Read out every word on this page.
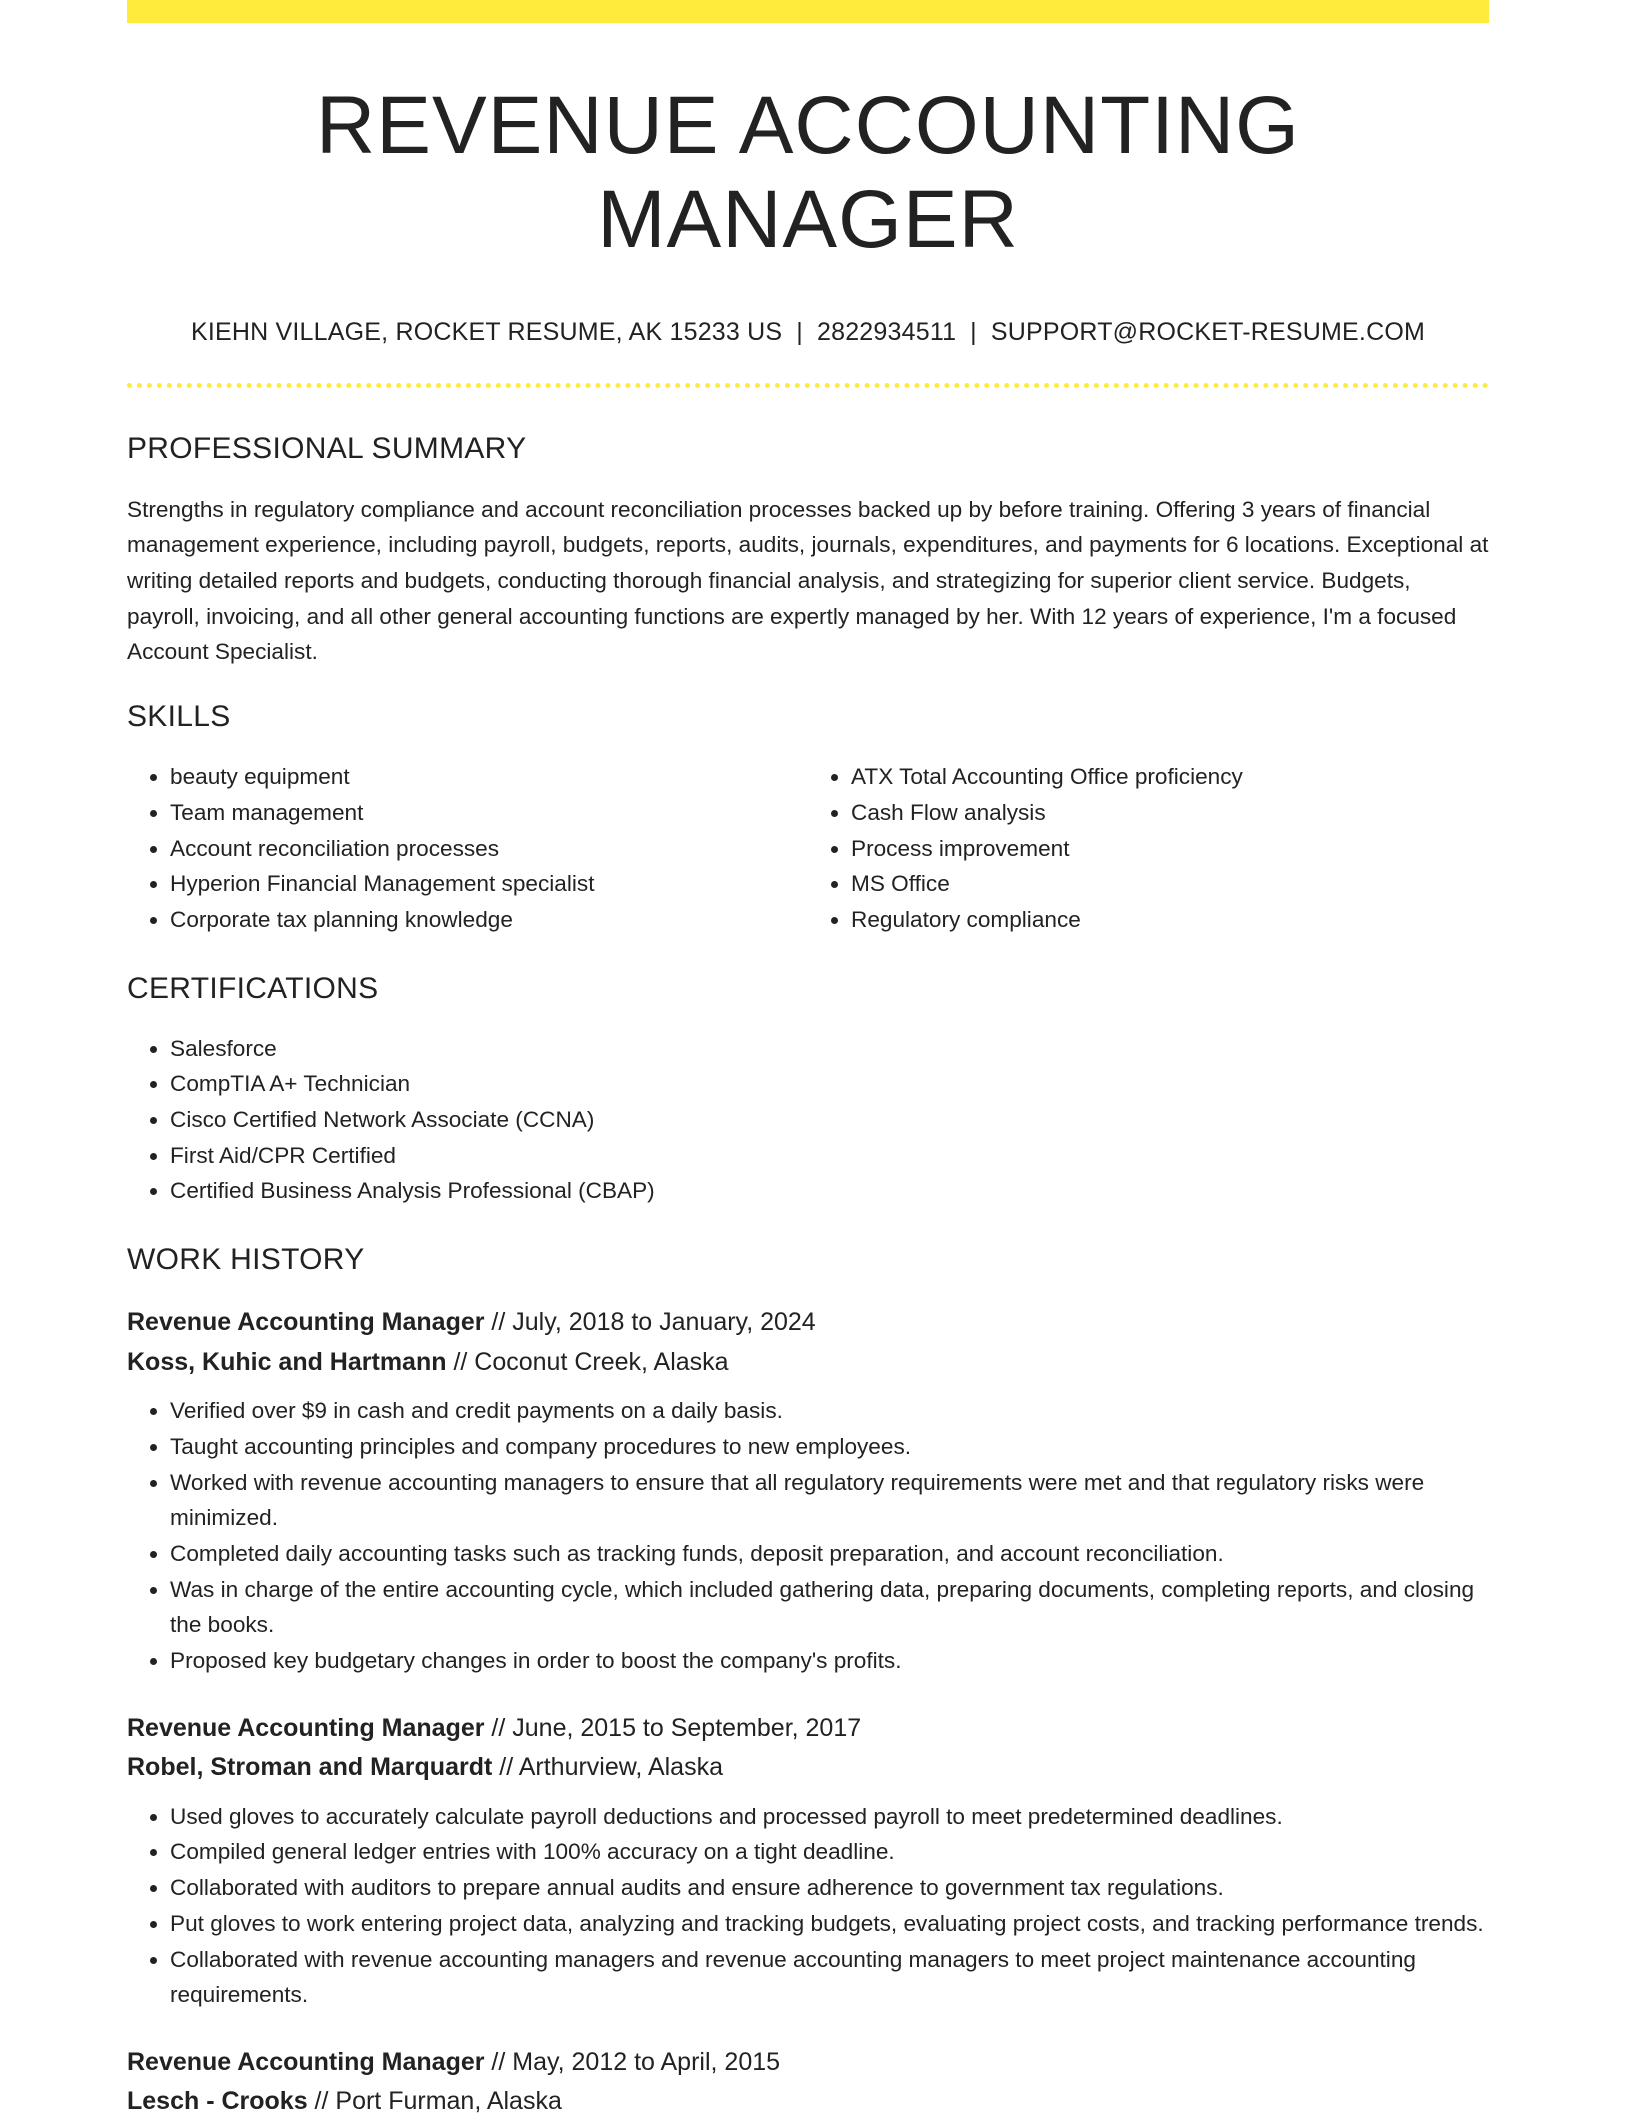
REVENUE ACCOUNTING MANAGER
KIEHN VILLAGE, ROCKET RESUME, AK 15233 US | 2822934511 | SUPPORT@ROCKET-RESUME.COM
PROFESSIONAL SUMMARY
Strengths in regulatory compliance and account reconciliation processes backed up by before training. Offering 3 years of financial management experience, including payroll, budgets, reports, audits, journals, expenditures, and payments for 6 locations. Exceptional at writing detailed reports and budgets, conducting thorough financial analysis, and strategizing for superior client service. Budgets, payroll, invoicing, and all other general accounting functions are expertly managed by her. With 12 years of experience, I'm a focused Account Specialist.
SKILLS
• beauty equipment
• Team management
• Account reconciliation processes
• Hyperion Financial Management specialist
• Corporate tax planning knowledge
• ATX Total Accounting Office proficiency
• Cash Flow analysis
• Process improvement
• MS Office
• Regulatory compliance
CERTIFICATIONS
• Salesforce
• CompTIA A+ Technician
• Cisco Certified Network Associate (CCNA)
• First Aid/CPR Certified
• Certified Business Analysis Professional (CBAP)
WORK HISTORY
Revenue Accounting Manager // July, 2018 to January, 2024
Koss, Kuhic and Hartmann // Coconut Creek, Alaska
• Verified over $9 in cash and credit payments on a daily basis.
• Taught accounting principles and company procedures to new employees.
• Worked with revenue accounting managers to ensure that all regulatory requirements were met and that regulatory risks were minimized.
• Completed daily accounting tasks such as tracking funds, deposit preparation, and account reconciliation.
• Was in charge of the entire accounting cycle, which included gathering data, preparing documents, completing reports, and closing the books.
• Proposed key budgetary changes in order to boost the company's profits.
Revenue Accounting Manager // June, 2015 to September, 2017
Robel, Stroman and Marquardt // Arthurview, Alaska
• Used gloves to accurately calculate payroll deductions and processed payroll to meet predetermined deadlines.
• Compiled general ledger entries with 100% accuracy on a tight deadline.
• Collaborated with auditors to prepare annual audits and ensure adherence to government tax regulations.
• Put gloves to work entering project data, analyzing and tracking budgets, evaluating project costs, and tracking performance trends.
• Collaborated with revenue accounting managers and revenue accounting managers to meet project maintenance accounting requirements.
Revenue Accounting Manager // May, 2012 to April, 2015
Lesch - Crooks // Port Furman, Alaska
